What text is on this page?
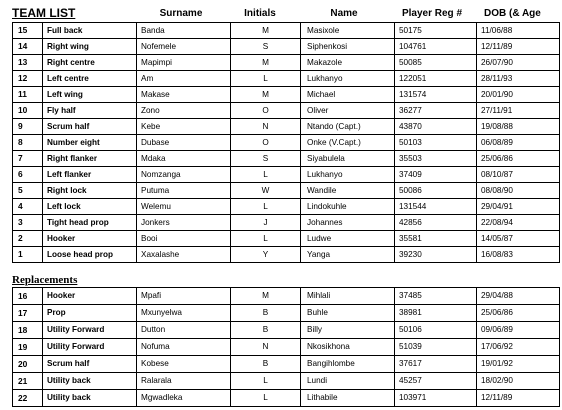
TEAM LIST	Surname	Initials	Name	Player Reg #	DOB (& Age
15	Full back	Banda	M	Masixole	50175	11/06/88
14	Right wing	Nofemele	S	Siphenkosi	104761	12/11/89
13	Right centre	Mapimpi	M	Makazole	50085	26/07/90
12	Left centre	Am	L	Lukhanyo	122051	28/11/93
11	Left wing	Makase	M	Michael	131574	20/01/90
10	Fly half	Zono	O	Oliver	36277	27/11/91
9	Scrum half	Kebe	N	Ntando (Capt.)	43870	19/08/88
8	Number eight	Dubase	O	Onke (V.Capt.)	50103	06/08/89
7	Right flanker	Mdaka	S	Siyabulela	35503	25/06/86
6	Left flanker	Nomzanga	L	Lukhanyo	37409	08/10/87
5	Right lock	Putuma	W	Wandile	50086	08/08/90
4	Left lock	Welemu	L	Lindokuhle	131544	29/04/91
3	Tight head prop	Jonkers	J	Johannes	42856	22/08/94
2	Hooker	Booi	L	Ludwe	35581	14/05/87
1	Loose head prop	Xaxalashe	Y	Yanga	39230	16/08/83
Replacements
16	Hooker	Mpafi	M	Mihlali	37485	29/04/88
17	Prop	Mxunyelwa	B	Buhle	38981	25/06/86
18	Utility Forward	Dutton	B	Billy	50106	09/06/89
19	Utility Forward	Nofuma	N	Nkosikhona	51039	17/06/92
20	Scrum half	Kobese	B	Bangihlombe	37617	19/01/92
21	Utility back	Ralarala	L	Lundi	45257	18/02/90
22	Utility back	Mgwadleka	L	Lithabile	103971	12/11/89
